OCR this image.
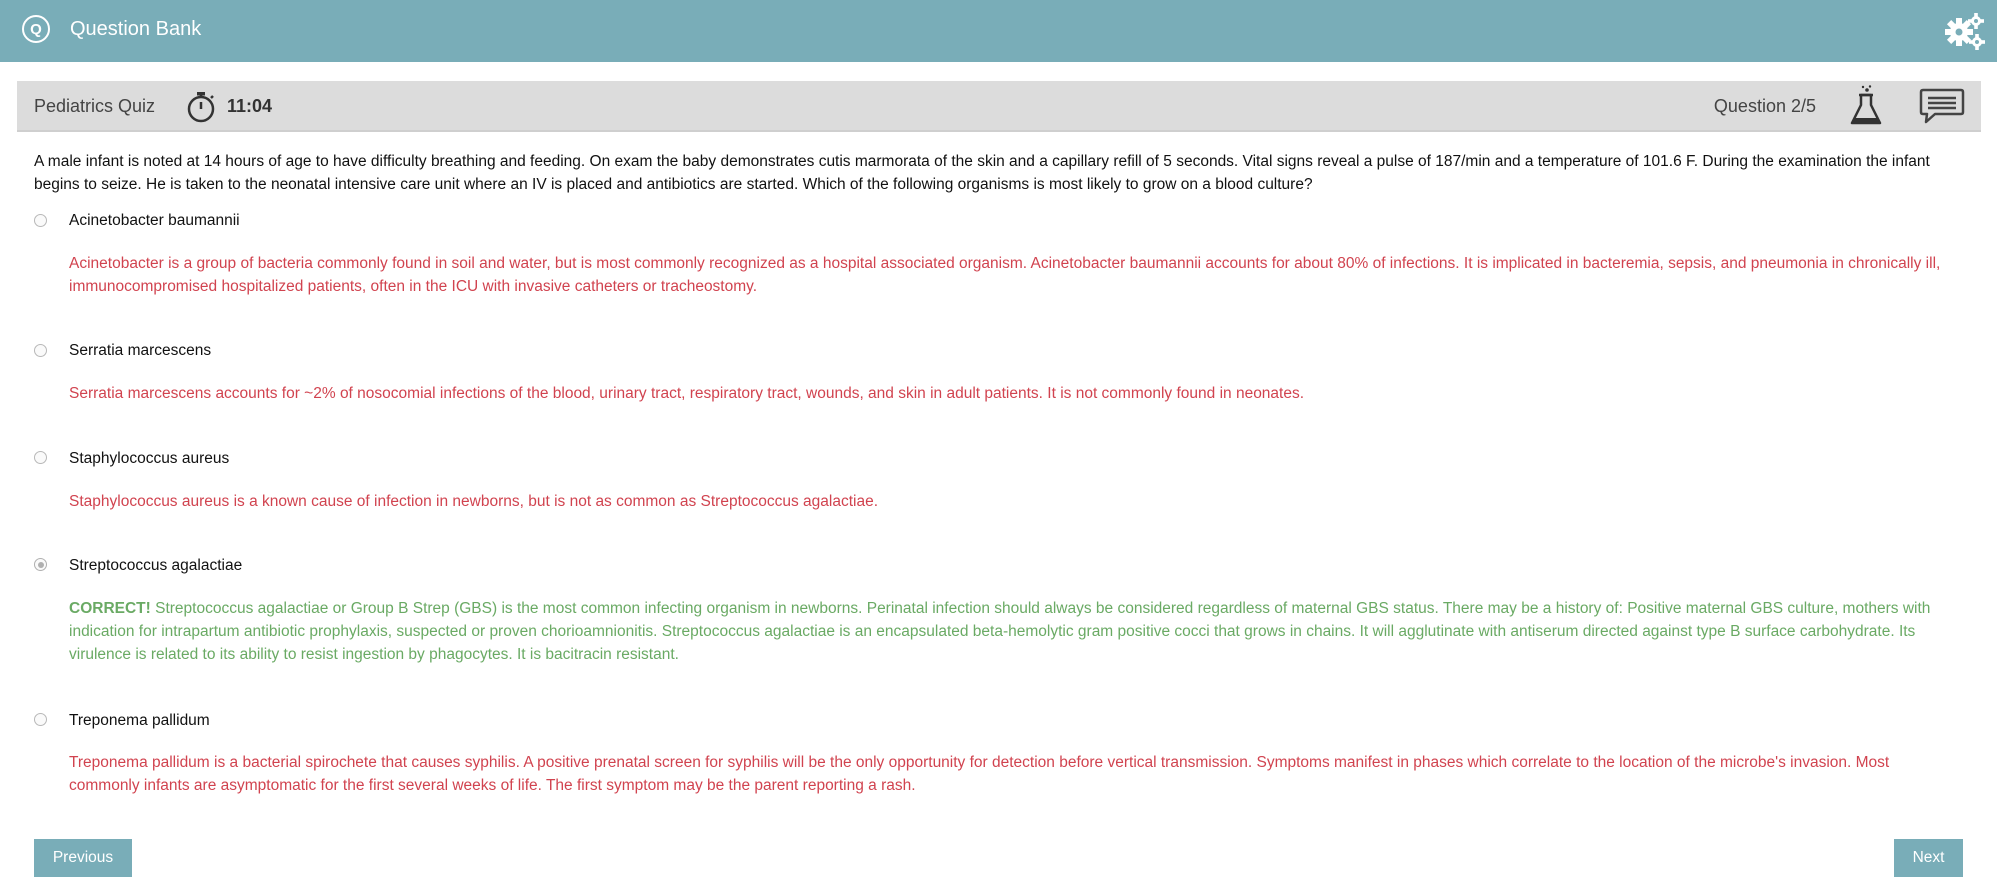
Q	Question Bank
Pediatrics Quiz	11:04	Question 2/5
A male infant is noted at 14 hours of age to have difficulty breathing and feeding. On exam the baby demonstrates cutis marmorata of the skin and a capillary refill of 5 seconds. Vital signs reveal a pulse of 187/min and a temperature of 101.6 F. During the examination the infant begins to seize. He is taken to the neonatal intensive care unit where an IV is placed and antibiotics are started. Which of the following organisms is most likely to grow on a blood culture?
Acinetobacter baumannii
Acinetobacter is a group of bacteria commonly found in soil and water, but is most commonly recognized as a hospital associated organism. Acinetobacter baumannii accounts for about 80% of infections. It is implicated in bacteremia, sepsis, and pneumonia in chronically ill, immunocompromised hospitalized patients, often in the ICU with invasive catheters or tracheostomy.
Serratia marcescens
Serratia marcescens accounts for ~2% of nosocomial infections of the blood, urinary tract, respiratory tract, wounds, and skin in adult patients. It is not commonly found in neonates.
Staphylococcus aureus
Staphylococcus aureus is a known cause of infection in newborns, but is not as common as Streptococcus agalactiae.
Streptococcus agalactiae
CORRECT! Streptococcus agalactiae or Group B Strep (GBS) is the most common infecting organism in newborns. Perinatal infection should always be considered regardless of maternal GBS status. There may be a history of: Positive maternal GBS culture, mothers with indication for intrapartum antibiotic prophylaxis, suspected or proven chorioamnionitis. Streptococcus agalactiae is an encapsulated beta-hemolytic gram positive cocci that grows in chains. It will agglutinate with antiserum directed against type B surface carbohydrate. Its virulence is related to its ability to resist ingestion by phagocytes. It is bacitracin resistant.
Treponema pallidum
Treponema pallidum is a bacterial spirochete that causes syphilis. A positive prenatal screen for syphilis will be the only opportunity for detection before vertical transmission. Symptoms manifest in phases which correlate to the location of the microbe's invasion. Most commonly infants are asymptomatic for the first several weeks of life. The first symptom may be the parent reporting a rash.
Previous	Next
